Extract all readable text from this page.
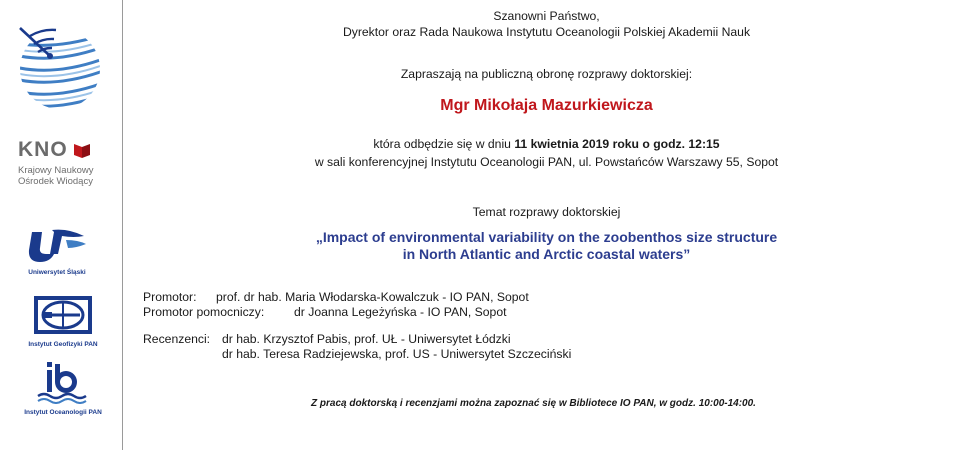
KNO
Krajowy Naukowy
Ośrodek Wiodący
Uniwersytet Śląski
Instytut Geofizyki PAN
Instytut Oceanologii PAN
Szanowni Państwo,
Dyrektor oraz Rada Naukowa Instytutu Oceanologii Polskiej Akademii Nauk
Zapraszają na publiczną obronę rozprawy doktorskiej:
Mgr Mikołaja Mazurkiewicza
która odbędzie się w dniu 11 kwietnia 2019 roku o godz. 12:15
w sali konferencyjnej Instytutu Oceanologii PAN, ul. Powstańców Warszawy 55, Sopot
Temat rozprawy doktorskiej
„Impact of environmental variability on the zoobenthos size structure
in North Atlantic and Arctic coastal waters”
Promotor: prof. dr hab. Maria Włodarska-Kowalczuk - IO PAN, Sopot
Promotor pomocniczy: dr Joanna Legeżyńska - IO PAN, Sopot
Recenzenci: dr hab. Krzysztof Pabis, prof. UŁ - Uniwersytet Łódzki
dr hab. Teresa Radziejewska, prof. US - Uniwersytet Szczeciński
Z pracą doktorską i recenzjami można zapoznać się w Bibliotece IO PAN, w godz. 10:00-14:00.
